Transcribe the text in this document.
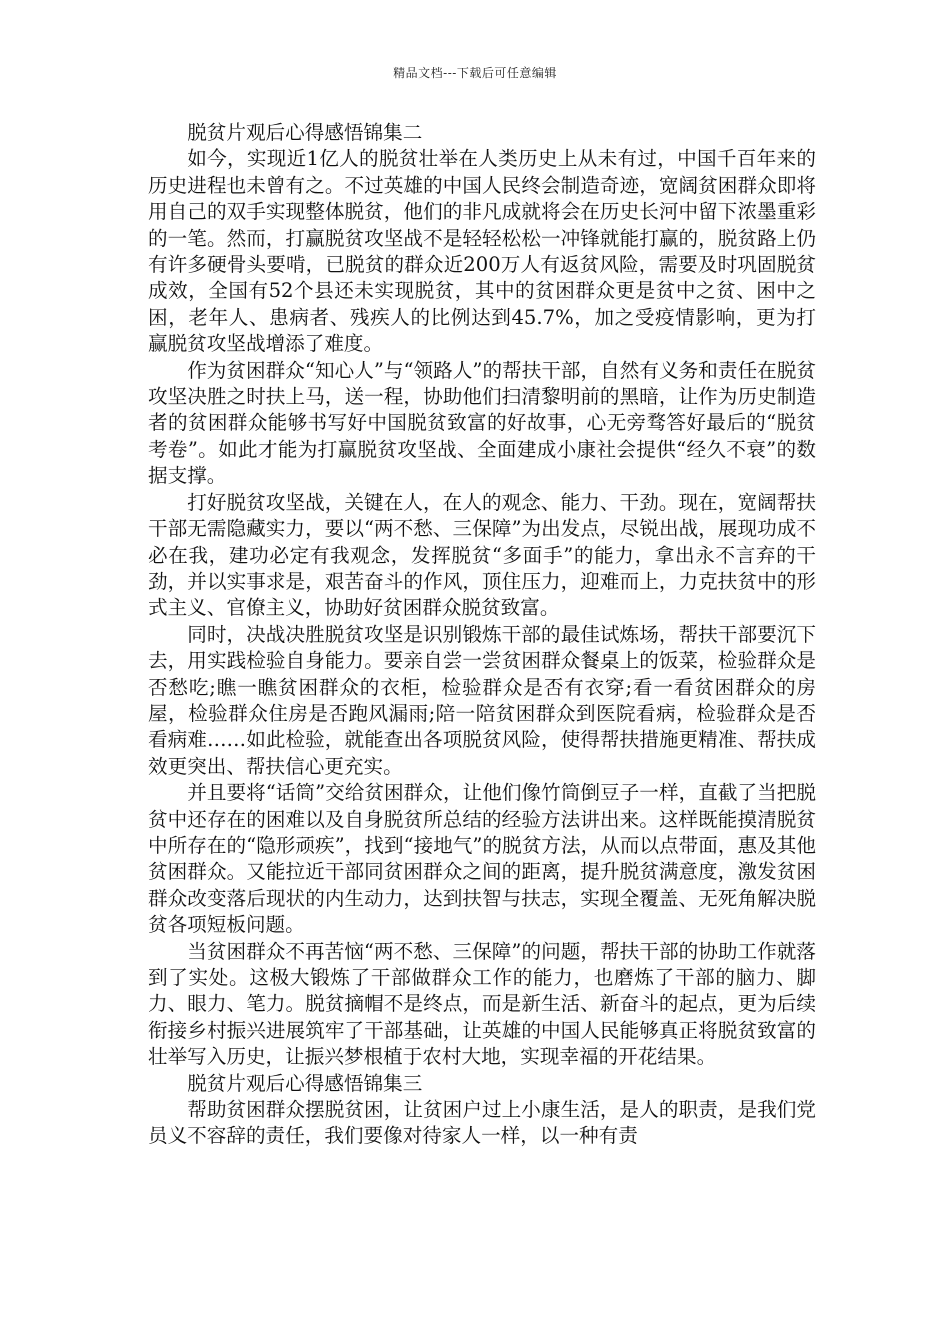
精品文档---下载后可任意编辑

脱贫片观后心得感悟锦集二

如今，实现近1亿人的脱贫壮举在人类历史上从未有过，中国千百年来的历史进程也未曾有之。不过英雄的中国人民终会制造奇迹，宽阔贫困群众即将用自己的双手实现整体脱贫，他们的非凡成就将会在历史长河中留下浓墨重彩的一笔。然而，打赢脱贫攻坚战不是轻轻松松一冲锋就能打赢的，脱贫路上仍有许多硬骨头要啃，已脱贫的群众近200万人有返贫风险，需要及时巩固脱贫成效，全国有52个县还未实现脱贫，其中的贫困群众更是贫中之贫、困中之困，老年人、患病者、残疾人的比例达到45.7%，加之受疫情影响，更为打赢脱贫攻坚战增添了难度。

作为贫困群众“知心人”与“领路人”的帮扶干部，自然有义务和责任在脱贫攻坚决胜之时扶上马，送一程，协助他们扫清黎明前的黑暗，让作为历史制造者的贫困群众能够书写好中国脱贫致富的好故事，心无旁骛答好最后的“脱贫考卷”。如此才能为打赢脱贫攻坚战、全面建成小康社会提供“经久不衰”的数据支撑。

打好脱贫攻坚战，关键在人，在人的观念、能力、干劲。现在，宽阔帮扶干部无需隐藏实力，要以“两不愁、三保障”为出发点，尽锐出战，展现功成不必在我，建功必定有我观念，发挥脱贫“多面手”的能力，拿出永不言弃的干劲，并以实事求是，艰苦奋斗的作风，顶住压力，迎难而上，力克扶贫中的形式主义、官僚主义，协助好贫困群众脱贫致富。

同时，决战决胜脱贫攻坚是识别锻炼干部的最佳试炼场，帮扶干部要沉下去，用实践检验自身能力。要亲自尝一尝贫困群众餐桌上的饭菜，检验群众是否愁吃;瞧一瞧贫困群众的衣柜，检验群众是否有衣穿;看一看贫困群众的房屋，检验群众住房是否跑风漏雨;陪一陪贫困群众到医院看病，检验群众是否看病难……如此检验，就能查出各项脱贫风险，使得帮扶措施更精准、帮扶成效更突出、帮扶信心更充实。

并且要将“话筒”交给贫困群众，让他们像竹筒倒豆子一样，直截了当把脱贫中还存在的困难以及自身脱贫所总结的经验方法讲出来。这样既能摸清脱贫中所存在的“隐形顽疾”，找到“接地气”的脱贫方法，从而以点带面，惠及其他贫困群众。又能拉近干部同贫困群众之间的距离，提升脱贫满意度，激发贫困群众改变落后现状的内生动力，达到扶智与扶志，实现全覆盖、无死角解决脱贫各项短板问题。

当贫困群众不再苦恼“两不愁、三保障”的问题，帮扶干部的协助工作就落到了实处。这极大锻炼了干部做群众工作的能力，也磨炼了干部的脑力、脚力、眼力、笔力。脱贫摘帽不是终点，而是新生活、新奋斗的起点，更为后续衔接乡村振兴进展筑牢了干部基础，让英雄的中国人民能够真正将脱贫致富的壮举写入历史，让振兴梦根植于农村大地，实现幸福的开花结果。

脱贫片观后心得感悟锦集三

帮助贫困群众摆脱贫困，让贫困户过上小康生活，是人的职责，是我们党员义不容辞的责任，我们要像对待家人一样，以一种有责
